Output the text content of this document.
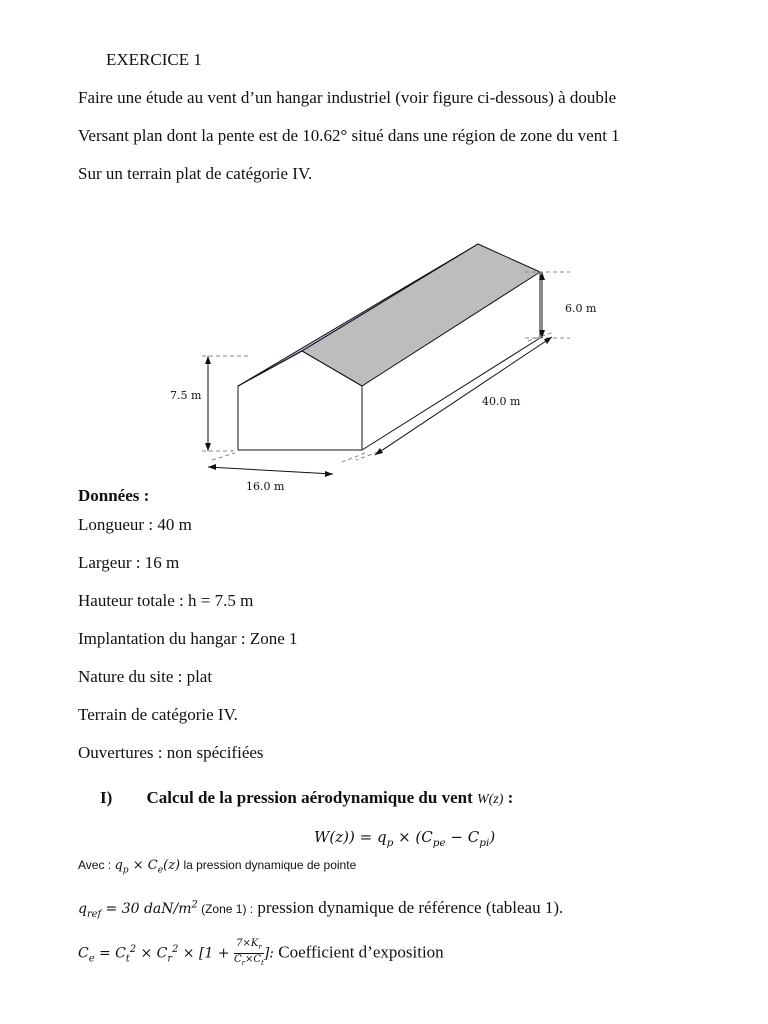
EXERCICE 1
Faire une étude au vent d’un hangar industriel (voir figure ci-dessous) à double
Versant plan dont la pente est de 10.62° situé dans une région de zone du vent 1
Sur un terrain plat de catégorie IV.
7.5 m
6.0 m
40.0 m
16.0 m
Données :
Longueur : 40 m
Largeur : 16 m
Hauteur totale : h = 7.5 m
Implantation du hangar : Zone 1
Nature du site : plat
Terrain de catégorie IV.
Ouvertures : non spécifiées
I) Calcul de la pression aérodynamique du vent W(z) :
$W(z)) = q_p \times (C_{pe} - C_{pi})$
Avec : $q_p \times C_e(z)$ la pression dynamique de pointe
$q_{ref} = 30$ daN/$m^2$ (Zone 1) : pression dynamique de référence (tableau 1).
$C_e = C_t^2 \times C_r^2 \times [1 + \frac{7\times K_r}{C_r\times C_t}$ ]: Coefficient d’exposition
